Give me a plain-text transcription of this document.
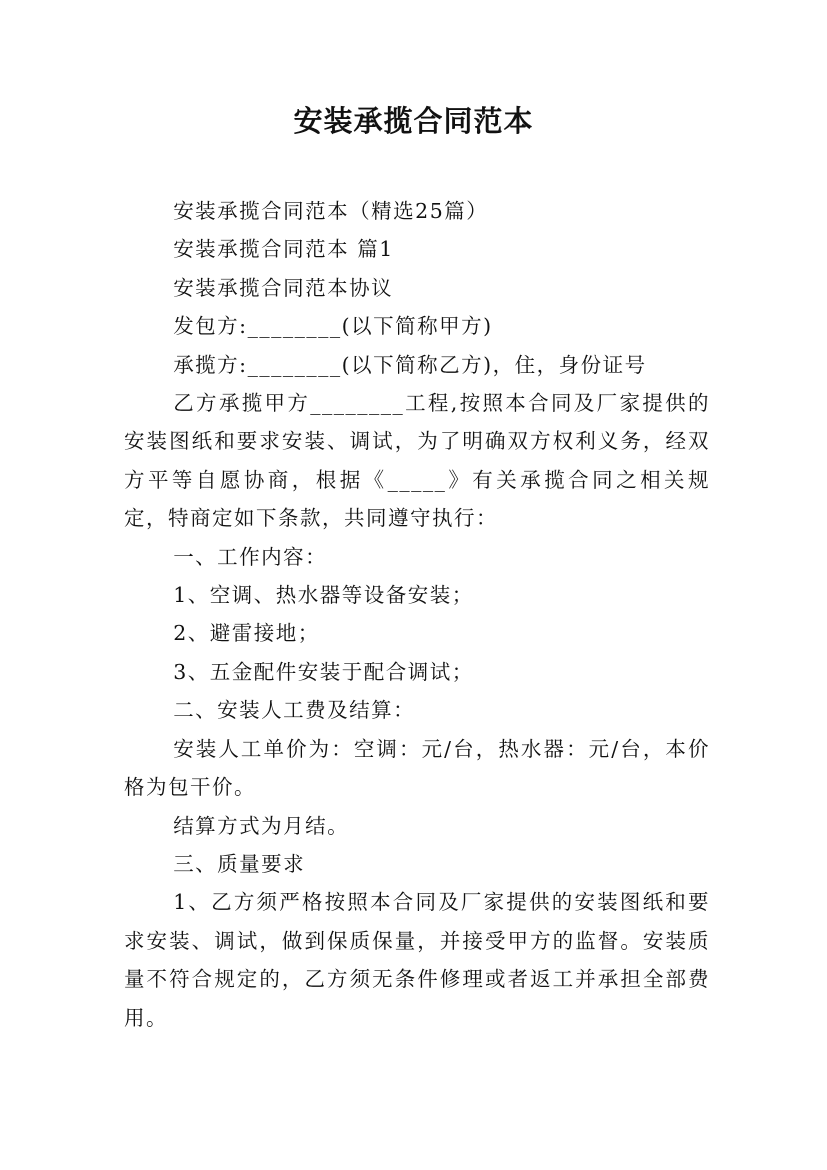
安装承揽合同范本

安装承揽合同范本（精选25篇）

安装承揽合同范本 篇1

安装承揽合同范本协议

发包方:________(以下简称甲方)

承揽方:________(以下简称乙方)，住，身份证号

乙方承揽甲方________工程,按照本合同及厂家提供的安装图纸和要求安装、调试，为了明确双方权利义务，经双方平等自愿协商，根据《_____》有关承揽合同之相关规定，特商定如下条款，共同遵守执行：

一、工作内容：

1、空调、热水器等设备安装；

2、避雷接地；

3、五金配件安装于配合调试；

二、安装人工费及结算：

安装人工单价为：空调：元/台，热水器：元/台，本价格为包干价。

结算方式为月结。

三、质量要求

1、乙方须严格按照本合同及厂家提供的安装图纸和要求安装、调试，做到保质保量，并接受甲方的监督。安装质量不符合规定的，乙方须无条件修理或者返工并承担全部费用。
